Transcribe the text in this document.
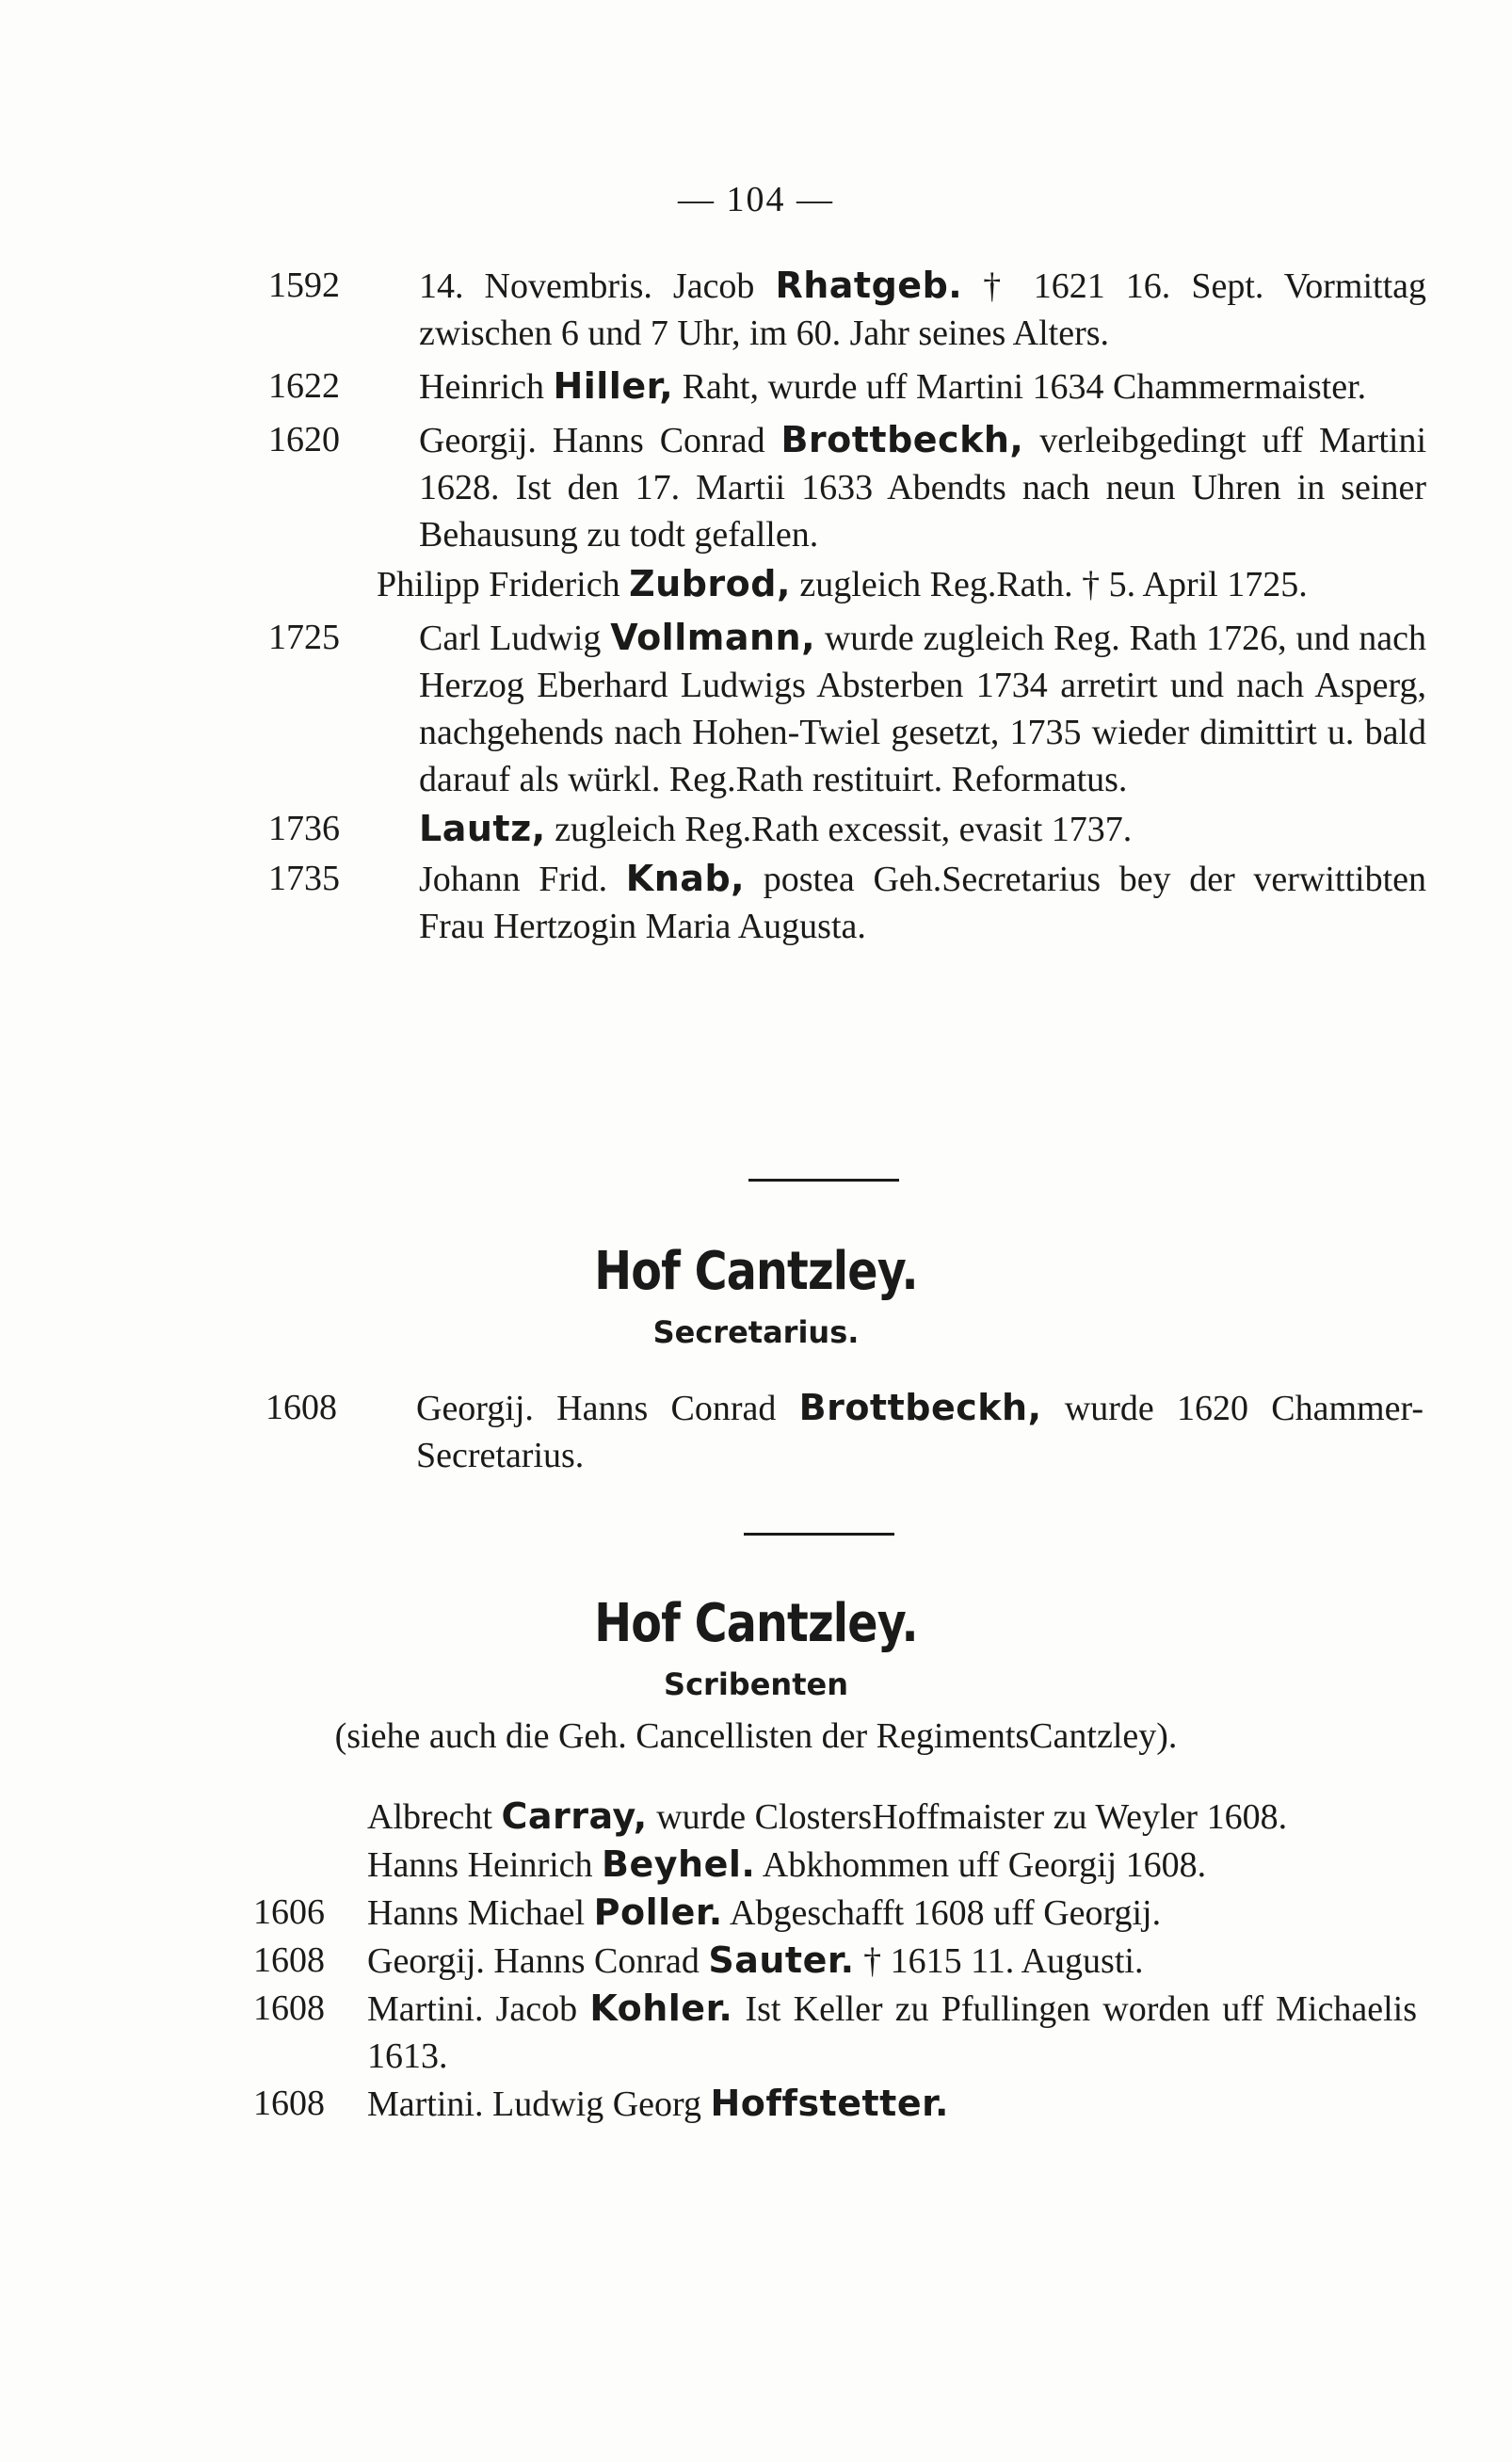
— 104 —
1592	14. Novembris. Jacob Rhatgeb. † 1621 16. Sept. Vormittag zwischen 6 und 7 Uhr, im 60. Jahr seines Alters.
1622	Heinrich Hiller, Raht, wurde uff Martini 1634 Chammermaister.
1620	Georgij. Hanns Conrad Brottbeckh, verleibgedingt uff Martini 1628. Ist den 17. Martii 1633 Abendts nach neun Uhren in seiner Behausung zu todt gefallen.
Philipp Friderich Zubrod, zugleich Reg.Rath. † 5. April 1725.
1725	Carl Ludwig Vollmann, wurde zugleich Reg. Rath 1726, und nach Herzog Eberhard Ludwigs Absterben 1734 arretirt und nach Asperg, nachgehends nach Hohen-Twiel gesetzt, 1735 wieder dimittirt u. bald darauf als würkl. Reg.Rath restituirt. Reformatus.
1736	Lautz, zugleich Reg.Rath excessit, evasit 1737.
1735	Johann Frid. Knab, postea Geh.Secretarius bey der verwittibten Frau Hertzogin Maria Augusta.
Hof Cantzley.
Secretarius.
1608	Georgij. Hanns Conrad Brottbeckh, wurde 1620 Chammer-Secretarius.
Hof Cantzley.
Scribenten
(siehe auch die Geh. Cancellisten der RegimentsCantzley).
Albrecht Carray, wurde ClostersHoffmaister zu Weyler 1608.
Hanns Heinrich Beyhel. Abkhommen uff Georgij 1608.
1606	Hanns Michael Poller. Abgeschafft 1608 uff Georgij.
1608	Georgij. Hanns Conrad Sauter. † 1615 11. Augusti.
1608	Martini. Jacob Kohler. Ist Keller zu Pfullingen worden uff Michaelis 1613.
1608	Martini. Ludwig Georg Hoffstetter.
